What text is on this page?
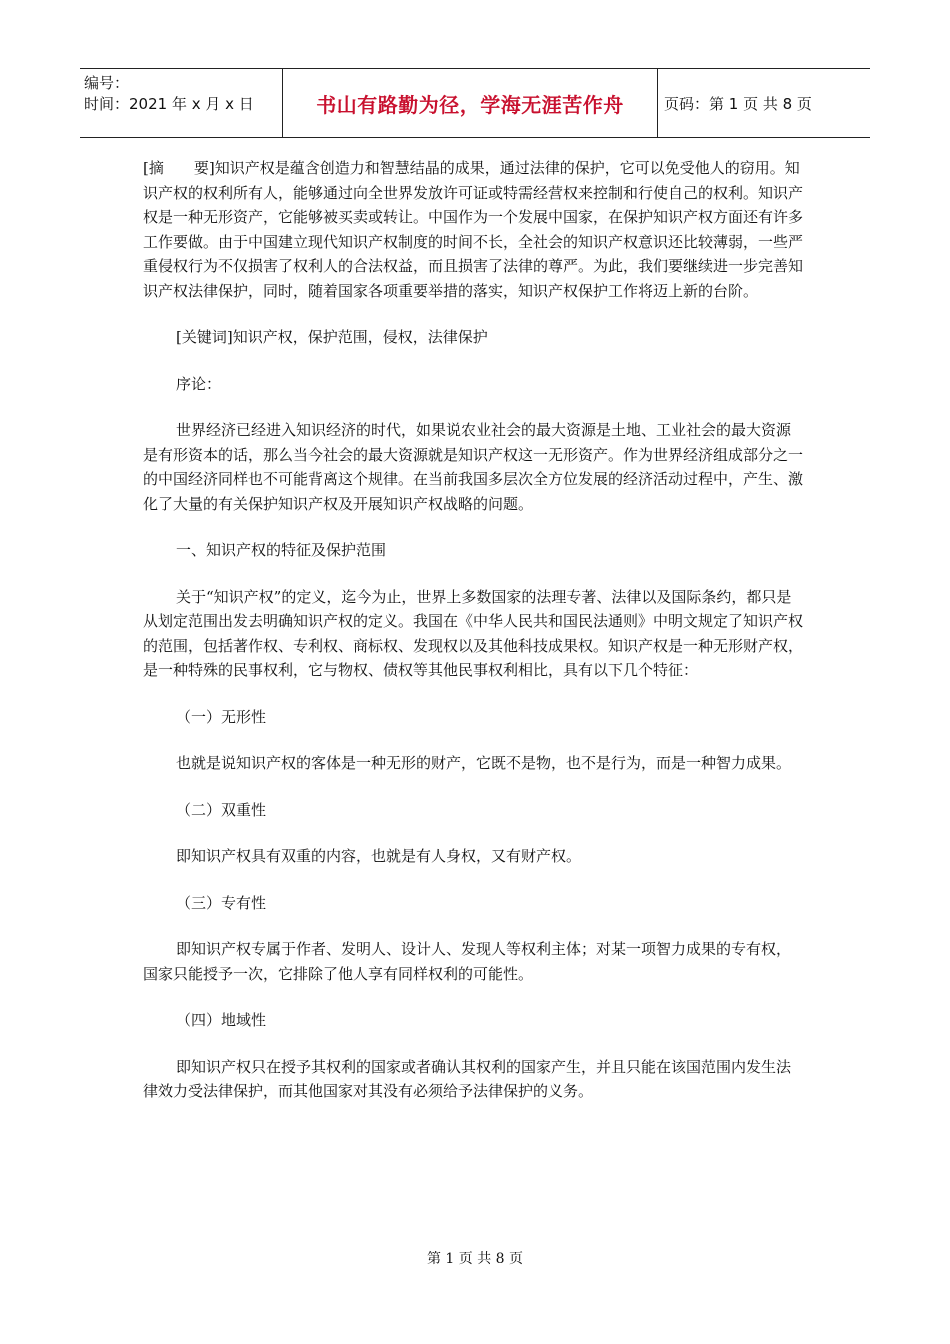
编号：
时间：2021 年 x 月 x 日	书山有路勤为径，学海无涯苦作舟	页码：第 1 页 共 8 页

[摘　　要]知识产权是蕴含创造力和智慧结晶的成果，通过法律的保护，它可以免受他人的窃用。知识产权的权利所有人，能够通过向全世界发放许可证或特需经营权来控制和行使自己的权利。知识产权是一种无形资产，它能够被买卖或转让。中国作为一个发展中国家，在保护知识产权方面还有许多工作要做。由于中国建立现代知识产权制度的时间不长，全社会的知识产权意识还比较薄弱，一些严重侵权行为不仅损害了权利人的合法权益，而且损害了法律的尊严。为此，我们要继续进一步完善知识产权法律保护，同时，随着国家各项重要举措的落实，知识产权保护工作将迈上新的台阶。

[关键词]知识产权，保护范围，侵权，法律保护

序论：

世界经济已经进入知识经济的时代，如果说农业社会的最大资源是土地、工业社会的最大资源是有形资本的话，那么当今社会的最大资源就是知识产权这一无形资产。作为世界经济组成部分之一的中国经济同样也不可能背离这个规律。在当前我国多层次全方位发展的经济活动过程中，产生、激化了大量的有关保护知识产权及开展知识产权战略的问题。

一、知识产权的特征及保护范围

关于“知识产权”的定义，迄今为止，世界上多数国家的法理专著、法律以及国际条约，都只是从划定范围出发去明确知识产权的定义。我国在《中华人民共和国民法通则》中明文规定了知识产权的范围，包括著作权、专利权、商标权、发现权以及其他科技成果权。知识产权是一种无形财产权，是一种特殊的民事权利，它与物权、债权等其他民事权利相比，具有以下几个特征：

（一）无形性

也就是说知识产权的客体是一种无形的财产，它既不是物，也不是行为，而是一种智力成果。

（二）双重性

即知识产权具有双重的内容，也就是有人身权，又有财产权。

（三）专有性

即知识产权专属于作者、发明人、设计人、发现人等权利主体；对某一项智力成果的专有权，国家只能授予一次，它排除了他人享有同样权利的可能性。

（四）地域性

即知识产权只在授予其权利的国家或者确认其权利的国家产生，并且只能在该国范围内发生法律效力受法律保护，而其他国家对其没有必须给予法律保护的义务。

第 1 页 共 8 页
